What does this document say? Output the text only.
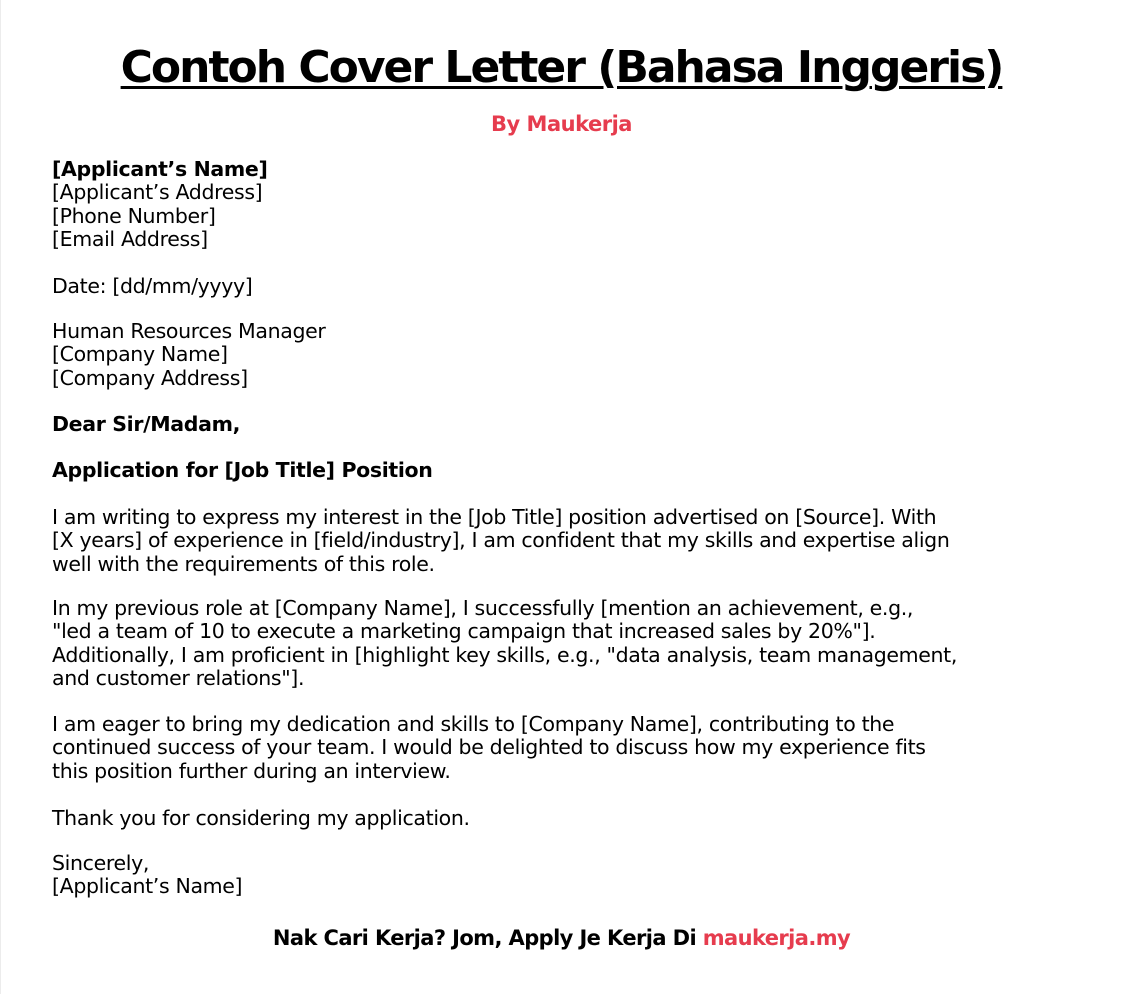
Contoh Cover Letter (Bahasa Inggeris)
By Maukerja

[Applicant’s Name]

[Applicant’s Address]

[Phone Number]

[Email Address]

Date: [dd/mm/yyyy]

Human Resources Manager

[Company Name]

[Company Address]

Dear Sir/Madam,
Application for [Job Title] Position

I am writing to express my interest in the [Job Title] position advertised on [Source]. With

[X years] of experience in [field/industry], I am confident that my skills and expertise align

well with the requirements of this role.

In my previous role at [Company Name], I successfully [mention an achievement, e.g.,

"led a team of 10 to execute a marketing campaign that increased sales by 20%"].

Additionally, I am proficient in [highlight key skills, e.g., "data analysis, team management,

and customer relations"].

I am eager to bring my dedication and skills to [Company Name], contributing to the

continued success of your team. I would be delighted to discuss how my experience fits

this position further during an interview.

Thank you for considering my application.

Sincerely,

[Applicant’s Name]

Nak Cari Kerja? Jom, Apply Je Kerja Di maukerja.my
